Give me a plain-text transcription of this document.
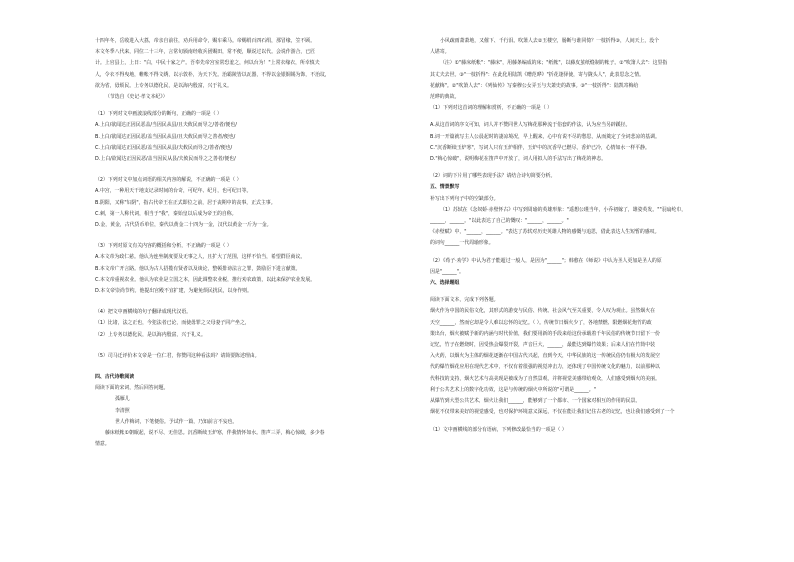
十四年冬，岳收进入大荔，帝亲自前往，劝兵用命令，赐车乘马。帝赐绢百四石绢，那冒缘，笠不顾。

本文冬季八代来，同位二十三年，言常旬颁南经收兵团赐田，常不便，顺说过以代。会说作游合，已匠

计。上官县上，上日："白，中民十家之产。吾奉先帝宫室常恐羞之，何以台为！"上常衣缘衣，所幸慎夫

人，令衣不得曳地，帷帐不得文绣，以示敦朴，为天下先。治霸陵皆以瓦器，不得以金银铜锡为饰，不治坟，

欲为省，毋烦民。上专务以德化民，是以海内殷富，兴于礼义。

（节选自《史记·孝文本纪》）

（1）下列对文中画波浪线部分的断句，正确的一项是（ ）

A.上白/欲闻达正因民恶盖/当因民从县/且夫攸民而导之/善者/便也/

B.上白/欲闻达正因民恶/盖当因民从县/且夫攸民而导之善者/便也/

C.上白/欲闻达正因民恶/盖当因民从县/夫攸民而导之/善者/便也/

D.上白/欲闻达正因民恶/盖当因民从县/夫攸民而导之之善者/便也/

（2）下列对文中加点词语的相关内容的解说，不正确的一项是（ ）

A.中宫，一种用天干地支记录时间的台奇，可纪年、纪月，也可纪日等。

B.阴阳，又称"妇阴"，指古代帝王在正式即位之前，居于丧期中的丧事，正式主事。

C.刺，第一人称代词，相当于"我"，秦始皇以后成为帝王的自称。

D.金，黄金，古代货币单位，秦代以黄金二十四为一金，汉代以黄金一斤为一金。

（3）下列对原文有关内容的概括和分析，不正确的一项是（ ）

A.本文帝为政仁慈。他认为连坐制度要及无事之人，且扩大了范围，这样不恰当，希望群臣商议。

B.本文帝广开言路。他以为古人招揽有贤者以及谈论，整顿排谤法言之罪，鼓励臣下进言献策。

C.本文帝重视农业。他认为农业是立国之本，因此调整农业税，推行劝农政策，以此来保护农业发展。

D.本文帝崇尚节约。他提出宫殿不宜扩建，为避免烦民扰民，以身作则。

（4）把文中画横线的句子翻译成现代汉语。

（1）比诸，法之正也，今犯法者已论，而使毋罪之父母妻子同产坐之，

（2）上专务以德化民，是以海内殷富，兴于礼义。

（5）司马迁评价本文帝是一位仁君，你赞同这种看法吗？请简要陈述理由。

四、古代诗歌阅读

阅读下面的宋词，然后回答问题。

孤雁儿

李清照

世人作梅词，下笔便俗。予试作一篇，乃知前言不妄也。

藤床纸帐①朝眠起，说不尽、无佳思。沉香断续玉炉寒，伴我情怀如水。笛声三弄，梅心惊破，多少春

情意。

小风疏雨萧萧地，又催下、千行泪。吹箫人去②玉楼空，肠断与谁同倚？一枝折得③，人间天上，没个

人堪寄。

（注）①"藤床纸帐"："藤床"，用藤条编成的床；"纸帐"，以藤皮茧纸缝制的帐子。②"吹箫人去"：这里指

其丈夫去世。③"一枝折得"：在此化用陆凯《赠范晔》"折花逢驿使，寄与陇头人"，此表思念之情。

花献梅"。②"吹箫人去"：《列仙传》写秦穆公女弄玉与夫萧史的故事。③"一枝折得"：陆凯寄梅给

范晔的典故。

（1）下列对这首词的理解和赏析，不正确的一项是（ ）

A.从这首词的序文可知，词人并不赞同世人写梅花那种流于俗套的作法，认为应当另辟蹊径。

B.词一开篇就写主人公晨起时的凄凉境况，早上醒来，心中有说不尽的愁思，从而奠定了全词悲凉的基调。

C."沉香断续玉炉寒"，写词人只有玉炉相伴，玉炉中的沉香早已燃尽，香炉已冷，心情如水一样平静。

D."梅心惊破"，说明梅花在笛声中开放了，词人用拟人的手法写出了梅花的神态。

（2）词的下片用了哪些表现手法？请结合诗句简要分析。

五、情景默写

补写出下列句子中的空缺部分。

（1）苏轼在《念奴娇·赤壁怀古》中写到周瑜的英雄形象："遥想公瑾当年，小乔初嫁了，雄姿英发。""羽扇纶巾，

______，______。"以此表达了自己的慨叹："______，______。"

《赤壁赋》中，"______，______。"表达了苏轼对历史英雄人物的感慨与追思，借此表达人生短暂的感叹。

的词句______一代周瑜形象。

（2）《荀子·劝学》中认为君子能超过一般人，是因为"______"；韩愈在《师说》中认为圣人更加是圣人的原

因是"______"。

六、选择题组

阅读下面文本，完成下列各题。

烟火作为中国的民俗文化，其形式的游变与民俗、传统、社会风气至关重要，令人叹为观止。虽然烟火在

天空______，然而它却是令人难以忘怀的记忆。（ ）。传统节日烟火少了，各地禁燃、限燃烟花炮竹的政

策出台，烟火被赋予新的内涵与时代价值，我们要用新的手段来给这份承载着千年民俗的传统节日留下一份

记忆，竹子在燃烧时，因受热会爆裂开裂，声音巨大，______，最能达到爆竹效果；后来人们在竹筒中装

入火药，以烟火为主体的烟花逐渐在中国古代兴起，直到今天，中华民族的这一传统民俗仍有极大的发展空

代的爆竹烟花应用在现代艺术中，不仅有着很强的视觉冲击力，还体现了中国传统文化的魅力，以前那种以

代科技的支持，烟火艺术与高美现是被成为了自然景观，并将视觉美感带给观众，人们感受到烟火的美丽。

利于公共艺术上的数字化功效，这是与传统的烟火中所说的"可谓是______。"

从爆竹到大型公共艺术，烟火让我们______，能够到了一个都市、一个国家对相互的作用的民景。

烟花不仅带来美好的视觉感受，也对保护环境意义深远，不仅在能让我们记住古老的记忆，也让我们感受到了一个

（1）文中画横线的部分有语病，下列修改最恰当的一项是（ ）
